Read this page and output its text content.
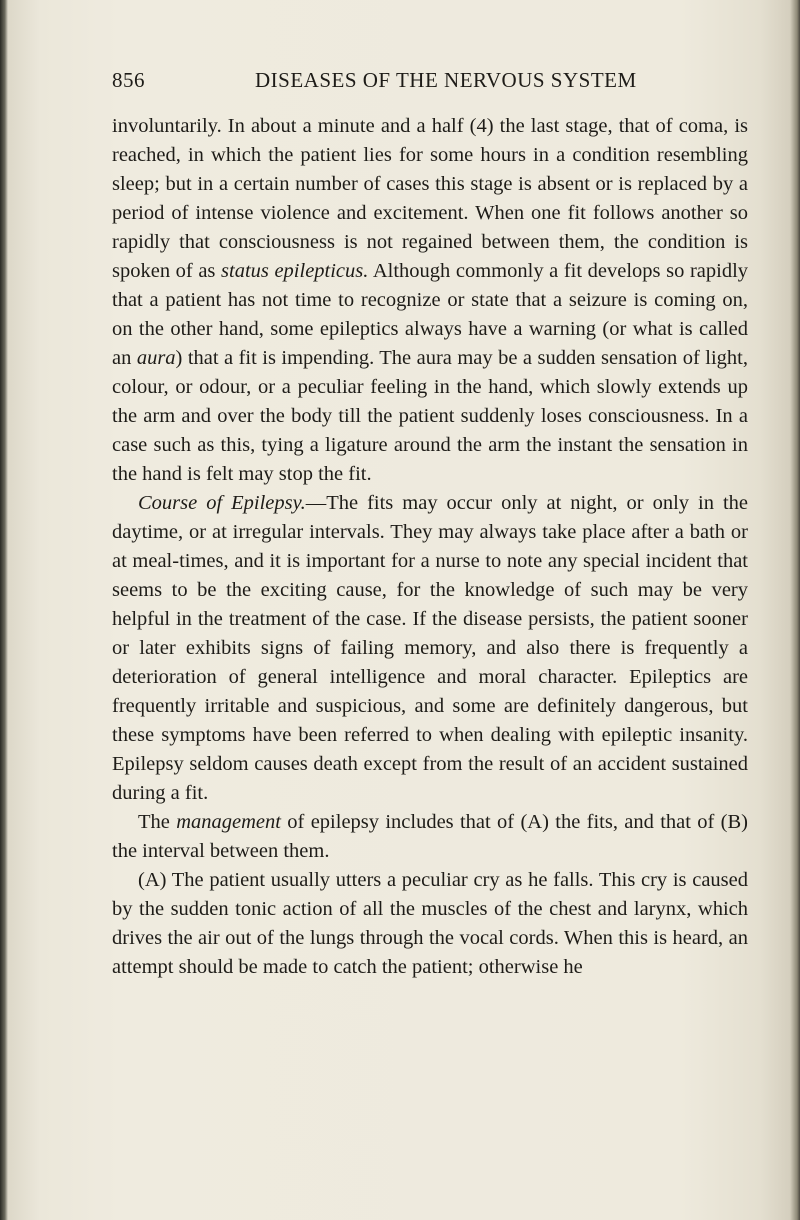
856	DISEASES OF THE NERVOUS SYSTEM

involuntarily. In about a minute and a half (4) the last stage, that of coma, is reached, in which the patient lies for some hours in a condition resembling sleep; but in a certain number of cases this stage is absent or is replaced by a period of intense violence and excitement. When one fit follows another so rapidly that consciousness is not regained between them, the condition is spoken of as status epilepticus. Although commonly a fit develops so rapidly that a patient has not time to recognize or state that a seizure is coming on, on the other hand, some epileptics always have a warning (or what is called an aura) that a fit is impending. The aura may be a sudden sensation of light, colour, or odour, or a peculiar feeling in the hand, which slowly extends up the arm and over the body till the patient suddenly loses consciousness. In a case such as this, tying a ligature around the arm the instant the sensation in the hand is felt may stop the fit.

Course of Epilepsy.—The fits may occur only at night, or only in the daytime, or at irregular intervals. They may always take place after a bath or at meal-times, and it is important for a nurse to note any special incident that seems to be the exciting cause, for the knowledge of such may be very helpful in the treatment of the case. If the disease persists, the patient sooner or later exhibits signs of failing memory, and also there is frequently a deterioration of general intelligence and moral character. Epileptics are frequently irritable and suspicious, and some are definitely dangerous, but these symptoms have been referred to when dealing with epileptic insanity. Epilepsy seldom causes death except from the result of an accident sustained during a fit.

The management of epilepsy includes that of (A) the fits, and that of (B) the interval between them.

(A) The patient usually utters a peculiar cry as he falls. This cry is caused by the sudden tonic action of all the muscles of the chest and larynx, which drives the air out of the lungs through the vocal cords. When this is heard, an attempt should be made to catch the patient; otherwise he
